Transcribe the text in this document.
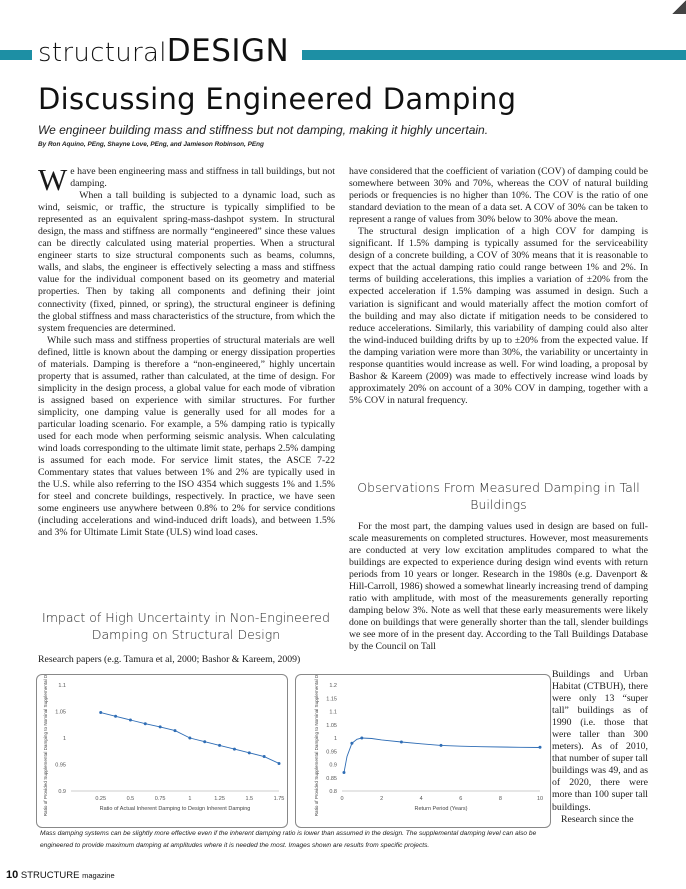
structuralDESIGN
Discussing Engineered Damping
We engineer building mass and stiffness but not damping, making it highly uncertain.
By Ron Aquino, PEng, Shayne Love, PEng, and Jamieson Robinson, PEng

We have been engineering mass and stiffness in tall buildings, but not damping.

When a tall building is subjected to a dynamic load, such as wind, seismic, or traffic, the structure is typically simplified to be represented as an equivalent spring-mass-dashpot system. In structural design, the mass and stiffness are normally “engineered” since these values can be directly calculated using material properties. When a structural engineer starts to size structural components such as beams, columns, walls, and slabs, the engineer is effectively selecting a mass and stiffness value for the individual component based on its geometry and material properties. Then by taking all components and defining their joint connectivity (fixed, pinned, or spring), the structural engineer is defining the global stiffness and mass characteristics of the structure, from which the system frequencies are determined.

While such mass and stiffness properties of structural materials are well defined, little is known about the damping or energy dissipation properties of materials. Damping is therefore a “non-engineered,” highly uncertain property that is assumed, rather than calculated, at the time of design. For simplicity in the design process, a global value for each mode of vibration is assigned based on experience with similar structures. For further simplicity, one damping value is generally used for all modes for a particular loading scenario. For example, a 5% damping ratio is typically used for each mode when performing seismic analysis. When calculating wind loads corresponding to the ultimate limit state, perhaps 2.5% damping is assumed for each mode. For service limit states, the ASCE 7-22 Commentary states that values between 1% and 2% are typically used in the U.S. while also referring to the ISO 4354 which suggests 1% and 1.5% for steel and concrete buildings, respectively. In practice, we have seen some engineers use anywhere between 0.8% to 2% for service conditions (including accelerations and wind-induced drift loads), and between 1.5% and 3% for Ultimate Limit State (ULS) wind load cases.

Impact of High Uncertainty in Non-Engineered Damping on Structural Design
Research papers (e.g. Tamura et al, 2000; Bashor & Kareem, 2009)

have considered that the coefficient of variation (COV) of damping could be somewhere between 30% and 70%, whereas the COV of natural building periods or frequencies is no higher than 10%. The COV is the ratio of one standard deviation to the mean of a data set. A COV of 30% can be taken to represent a range of values from 30% below to 30% above the mean.

The structural design implication of a high COV for damping is significant. If 1.5% damping is typically assumed for the serviceability design of a concrete building, a COV of 30% means that it is reasonable to expect that the actual damping ratio could range between 1% and 2%. In terms of building accelerations, this implies a variation of ±20% from the expected acceleration if 1.5% damping was assumed in design. Such a variation is significant and would materially affect the motion comfort of the building and may also dictate if mitigation needs to be considered to reduce accelerations. Similarly, this variability of damping could also alter the wind-induced building drifts by up to ±20% from the expected value. If the damping variation were more than 30%, the variability or uncertainty in response quantities would increase as well. For wind loading, a proposal by Bashor & Kareem (2009) was made to effectively increase wind loads by approximately 20% on account of a 30% COV in damping, together with a 5% COV in natural frequency.

Observations From Measured Damping in Tall Buildings

For the most part, the damping values used in design are based on full-scale measurements on completed structures. However, most measurements are conducted at very low excitation amplitudes compared to what the buildings are expected to experience during design wind events with return periods from 10 years or longer. Research in the 1980s (e.g. Davenport & Hill-Carroll, 1986) showed a somewhat linearly increasing trend of damping ratio with amplitude, with most of the measurements generally reporting damping below 3%. Note as well that these early measurements were likely done on buildings that were generally shorter than the tall, slender buildings we see more of in the present day. According to the Tall Buildings Database by the Council on Tall

Buildings and Urban Habitat (CTBUH), there were only 13 “super tall” buildings as of 1990 (i.e. those that were taller than 300 meters). As of 2010, that number of super tall buildings was 49, and as of 2020, there were more than 100 super tall buildings.

Research since the

0.9
0.95
1
1.05
1.1
0.25	0.5	0.75	1	1.25	1.5	1.75
Ratio of Actual Inherent Damping to Design Inherent Damping
Ratio of Provided Supplemental Damping to Nominal Supplemental Damping	0.8
0.85
0.9
0.95
1
1.05
1.1
1.15
1.2
0	2	4	6	8	10
Return Period (Years)
Ratio of Provided Supplemental Damping to Nominal Supplemental Damping
Mass damping systems can be slightly more effective even if the inherent damping ratio is lower than assumed in the design. The supplemental damping level can also be engineered to provide maximum damping at amplitudes where it is needed the most. Images shown are results from specific projects.
10 STRUCTURE magazine
